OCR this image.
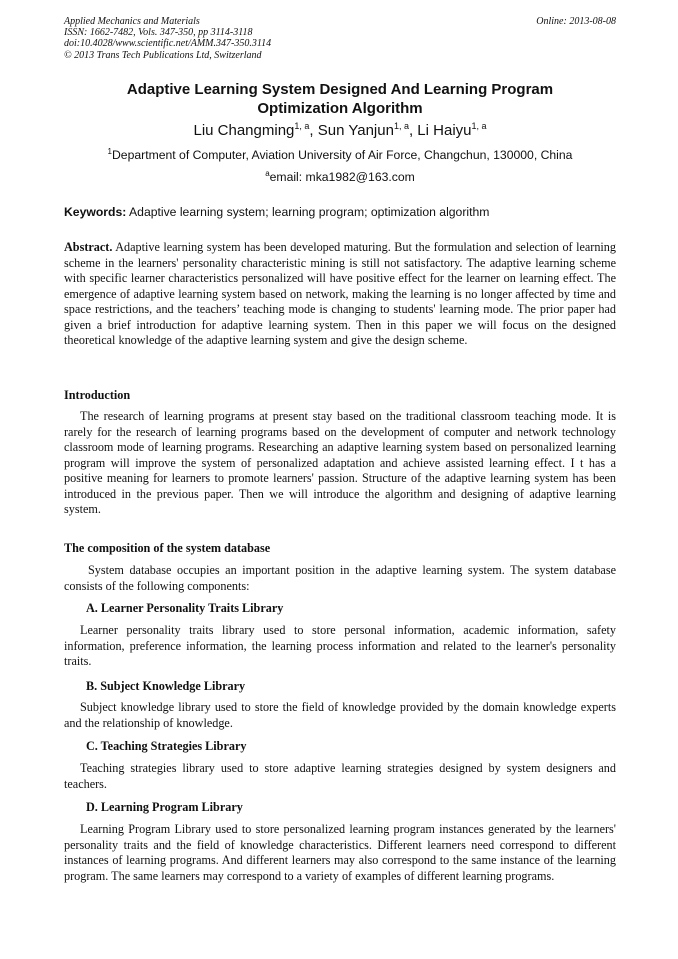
Applied Mechanics and Materials
ISSN: 1662-7482, Vols. 347-350, pp 3114-3118
doi:10.4028/www.scientific.net/AMM.347-350.3114
© 2013 Trans Tech Publications Ltd, Switzerland
Online: 2013-08-08
Adaptive Learning System Designed And Learning Program
Optimization Algorithm
Liu Changming$^{1, a}$, Sun Yanjun$^{1, a}$, Li Haiyu$^{1, a}$
$^1$Department of Computer, Aviation University of Air Force, Changchun, 130000, China
$^a$email: mka1982@163.com
Keywords: Adaptive learning system; learning program; optimization algorithm
Abstract. Adaptive learning system has been developed maturing. But the formulation and selection of learning scheme in the learners' personality characteristic mining is still not satisfactory. The adaptive learning scheme with specific learner characteristics personalized will have positive effect for the learner on learning effect. The emergence of adaptive learning system based on network, making the learning is no longer affected by time and space restrictions, and the teachers’ teaching mode is changing to students' learning mode. The prior paper had given a brief introduction for adaptive learning system. Then in this paper we will focus on the designed theoretical knowledge of the adaptive learning system and give the design scheme.
Introduction
The research of learning programs at present stay based on the traditional classroom teaching mode. It is rarely for the research of learning programs based on the development of computer and network technology classroom mode of learning programs. Researching an adaptive learning system based on personalized learning program will improve the system of personalized adaptation and achieve assisted learning effect. I t has a positive meaning for learners to promote learners' passion. Structure of the adaptive learning system has been introduced in the previous paper. Then we will introduce the algorithm and designing of adaptive learning system.
The composition of the system database
System database occupies an important position in the adaptive learning system. The system database consists of the following components:
A. Learner Personality Traits Library
Learner personality traits library used to store personal information, academic information, safety information, preference information, the learning process information and related to the learner's personality traits.
B. Subject Knowledge Library
Subject knowledge library used to store the field of knowledge provided by the domain knowledge experts and the relationship of knowledge.
C. Teaching Strategies Library
Teaching strategies library used to store adaptive learning strategies designed by system designers and teachers.
D. Learning Program Library
Learning Program Library used to store personalized learning program instances generated by the learners' personality traits and the field of knowledge characteristics. Different learners need correspond to different instances of learning programs. And different learners may also correspond to the same instance of the learning program. The same learners may correspond to a variety of examples of different learning programs.
